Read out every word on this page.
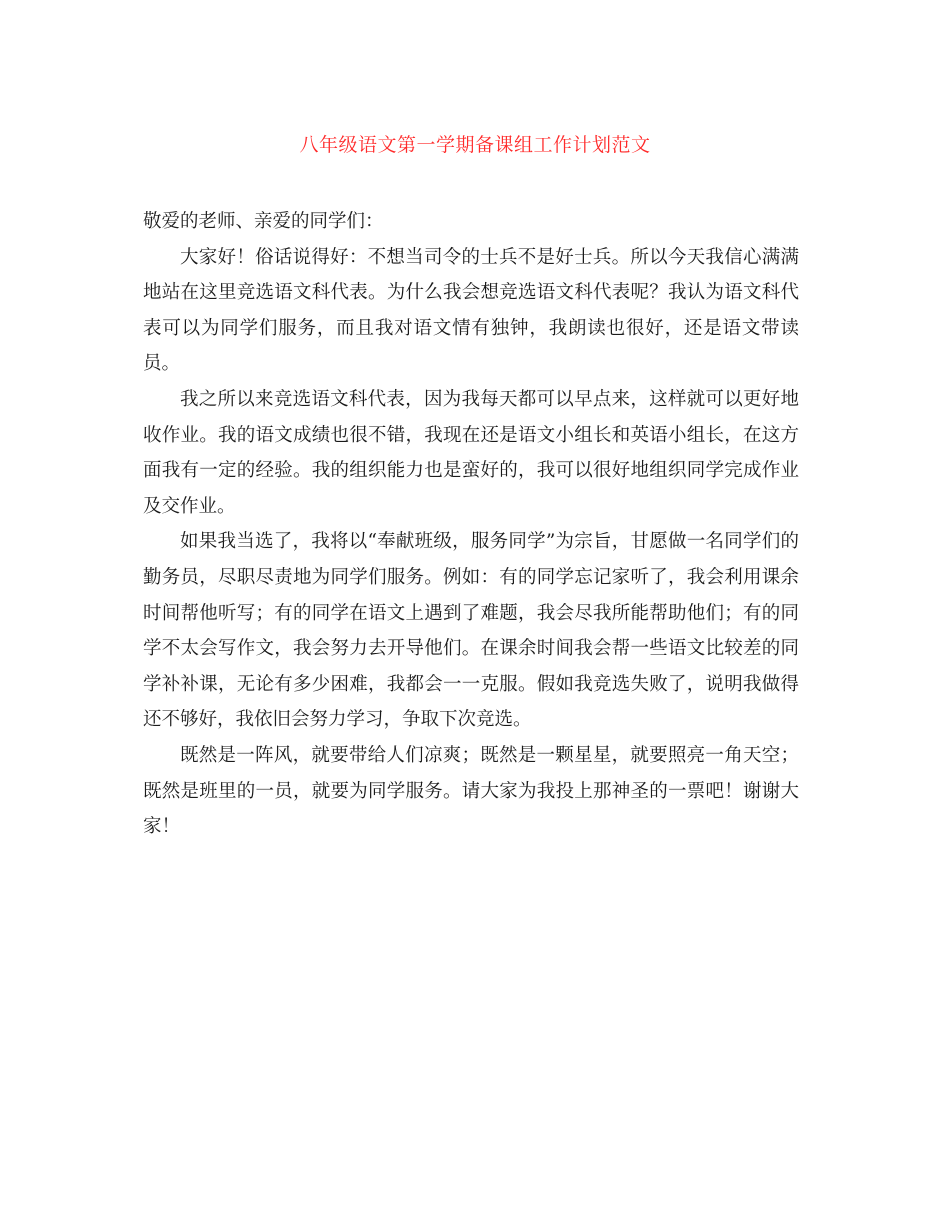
八年级语文第一学期备课组工作计划范文

敬爱的老师、亲爱的同学们：

大家好！俗话说得好：不想当司令的士兵不是好士兵。所以今天我信心满满地站在这里竞选语文科代表。为什么我会想竞选语文科代表呢？我认为语文科代表可以为同学们服务，而且我对语文情有独钟，我朗读也很好，还是语文带读员。

我之所以来竞选语文科代表，因为我每天都可以早点来，这样就可以更好地收作业。我的语文成绩也很不错，我现在还是语文小组长和英语小组长，在这方面我有一定的经验。我的组织能力也是蛮好的，我可以很好地组织同学完成作业及交作业。

如果我当选了，我将以“奉献班级，服务同学”为宗旨，甘愿做一名同学们的勤务员，尽职尽责地为同学们服务。例如：有的同学忘记家听了，我会利用课余时间帮他听写；有的同学在语文上遇到了难题，我会尽我所能帮助他们；有的同学不太会写作文，我会努力去开导他们。在课余时间我会帮一些语文比较差的同学补补课，无论有多少困难，我都会一一克服。假如我竞选失败了，说明我做得还不够好，我依旧会努力学习，争取下次竞选。

既然是一阵风，就要带给人们凉爽；既然是一颗星星，就要照亮一角天空；既然是班里的一员，就要为同学服务。请大家为我投上那神圣的一票吧！谢谢大家！
